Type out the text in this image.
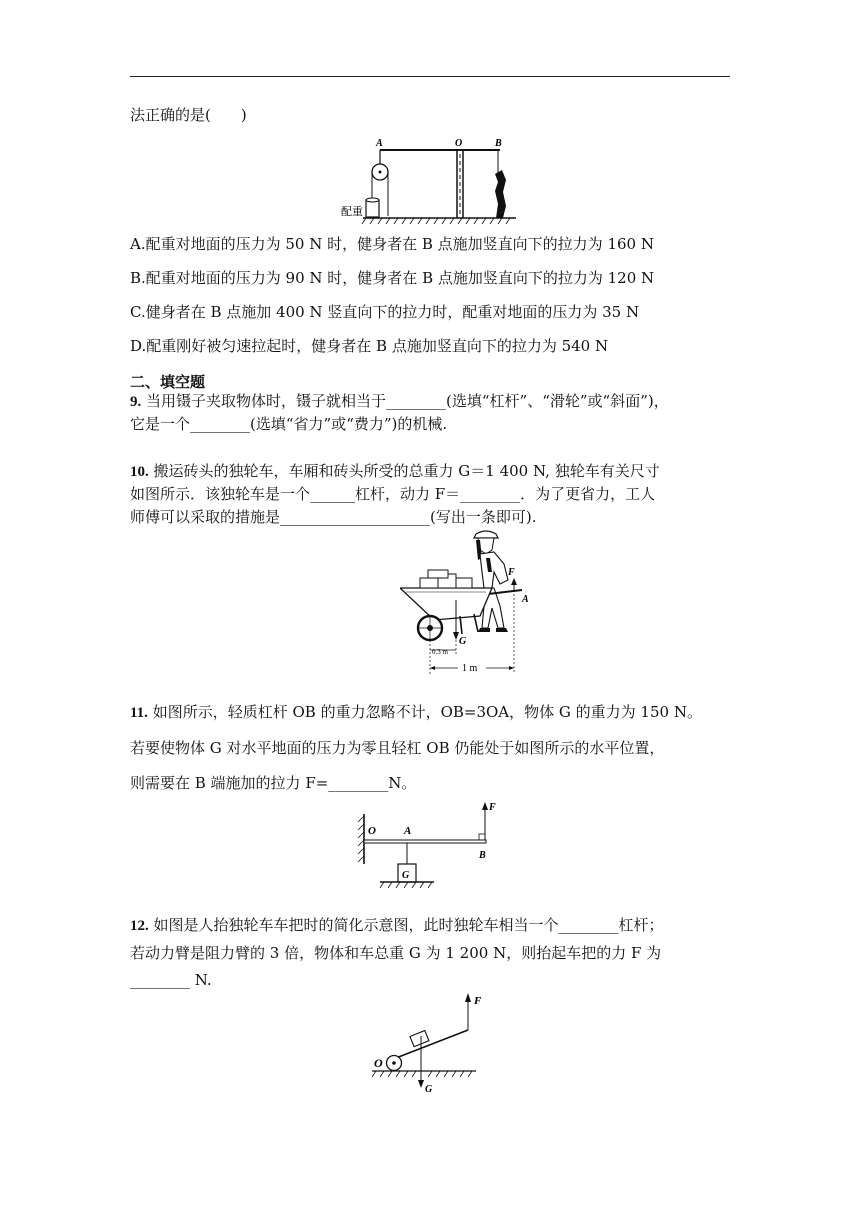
法正确的是(　　)
A	O	B
配重
A.配重对地面的压力为 50 N 时，健身者在 B 点施加竖直向下的拉力为 160 N
B.配重对地面的压力为 90 N 时，健身者在 B 点施加竖直向下的拉力为 120 N
C.健身者在 B 点施加 400 N 竖直向下的拉力时，配重对地面的压力为 35 N
D.配重刚好被匀速拉起时，健身者在 B 点施加竖直向下的拉力为 540 N
二、填空题
9. 当用镊子夹取物体时，镊子就相当于________(选填“杠杆”、“滑轮”或“斜面”)，
它是一个________(选填“省力”或“费力”)的机械.
10. 搬运砖头的独轮车，车厢和砖头所受的总重力 G＝1 400 N, 独轮车有关尺寸
如图所示．该独轮车是一个______杠杆，动力 F＝________．为了更省力，工人
师傅可以采取的措施是____________________(写出一条即可).
G
F
A
0.3 m
1 m
11. 如图所示，轻质杠杆 OB 的重力忽略不计，OB=3OA，物体 G 的重力为 150 N。
若要使物体 G 对水平地面的压力为零且轻杠 OB 仍能处于如图所示的水平位置，
则需要在 B 端施加的拉力 F=________N。
O	A
B
F
G
12. 如图是人抬独轮车车把时的简化示意图，此时独轮车相当一个________杠杆；
若动力臂是阻力臂的 3 倍，物体和车总重 G 为 1 200 N，则抬起车把的力 F 为
________ N.
F
G
O
